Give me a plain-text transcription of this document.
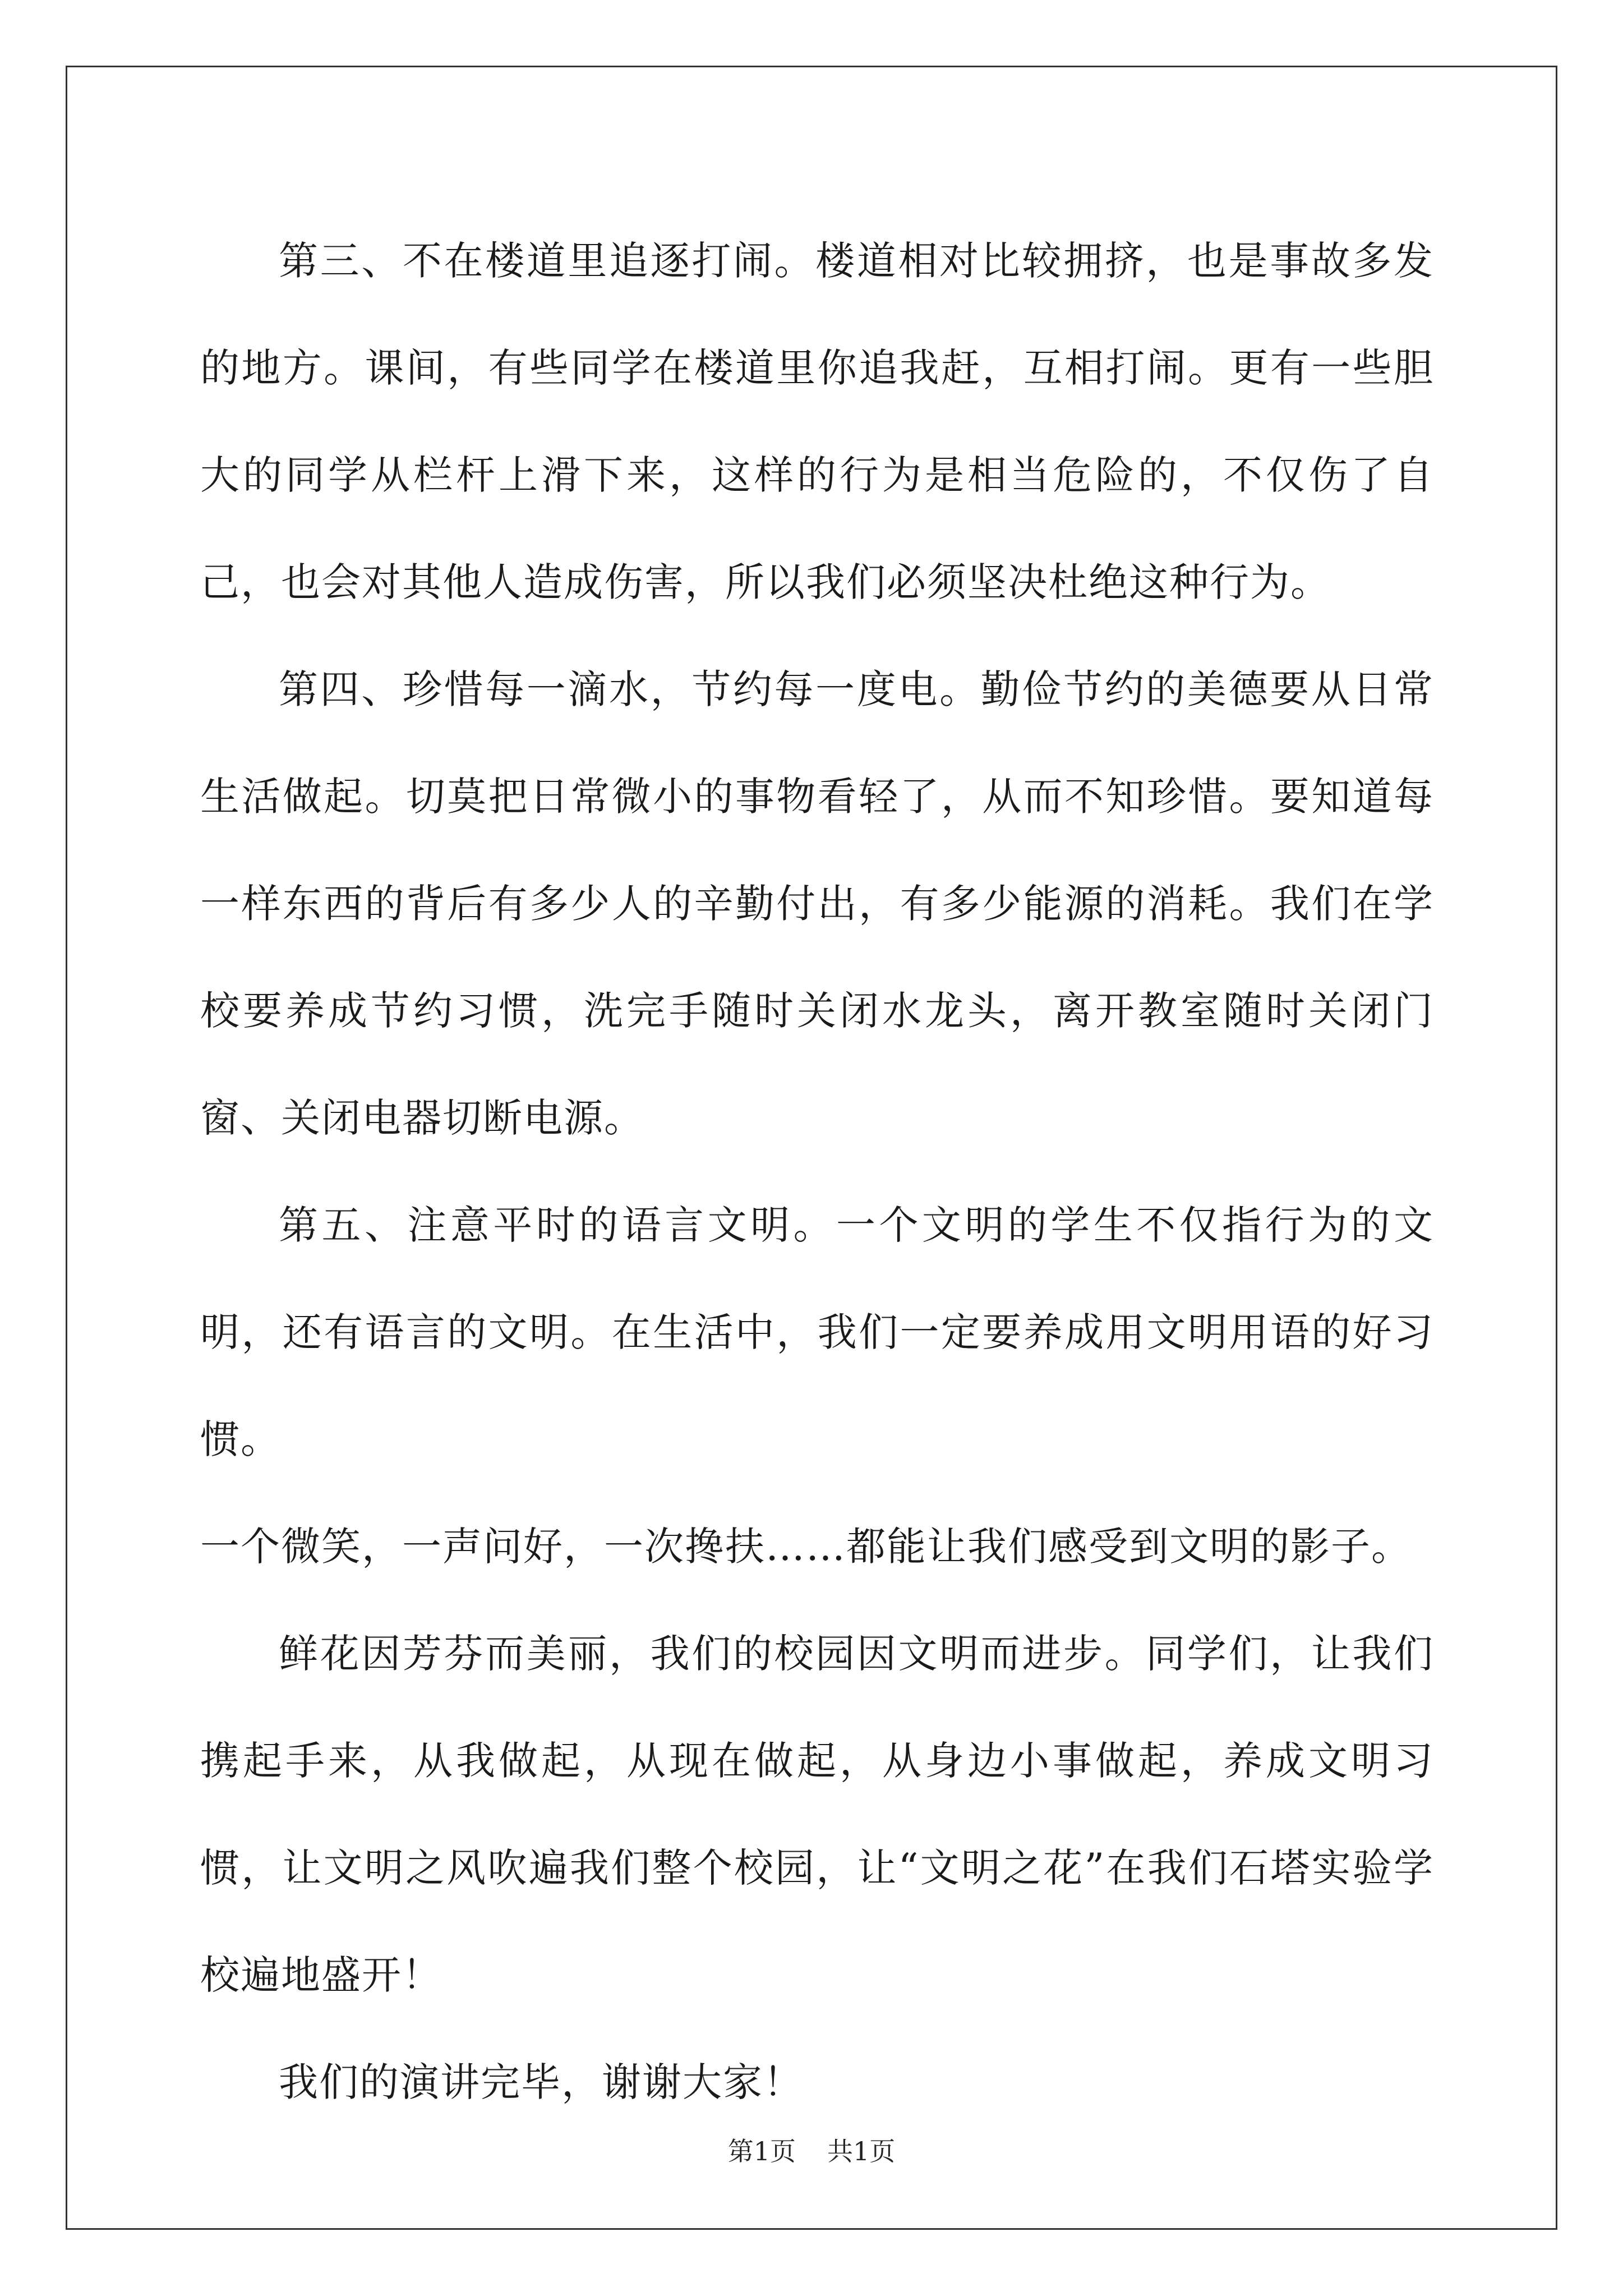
第三、不在楼道里追逐打闹。楼道相对比较拥挤，也是事故多发的地方。课间，有些同学在楼道里你追我赶，互相打闹。更有一些胆大的同学从栏杆上滑下来，这样的行为是相当危险的，不仅伤了自己，也会对其他人造成伤害，所以我们必须坚决杜绝这种行为。

第四、珍惜每一滴水，节约每一度电。勤俭节约的美德要从日常生活做起。切莫把日常微小的事物看轻了，从而不知珍惜。要知道每一样东西的背后有多少人的辛勤付出，有多少能源的消耗。我们在学校要养成节约习惯，洗完手随时关闭水龙头，离开教室随时关闭门窗、关闭电器切断电源。

第五、注意平时的语言文明。一个文明的学生不仅指行为的文明，还有语言的文明。在生活中，我们一定要养成用文明用语的好习惯。

一个微笑，一声问好，一次搀扶……都能让我们感受到文明的影子。

鲜花因芳芬而美丽，我们的校园因文明而进步。同学们，让我们携起手来，从我做起，从现在做起，从身边小事做起，养成文明习惯，让文明之风吹遍我们整个校园，让“文明之花”在我们石塔实验学校遍地盛开！

我们的演讲完毕，谢谢大家！

第1页 共1页
